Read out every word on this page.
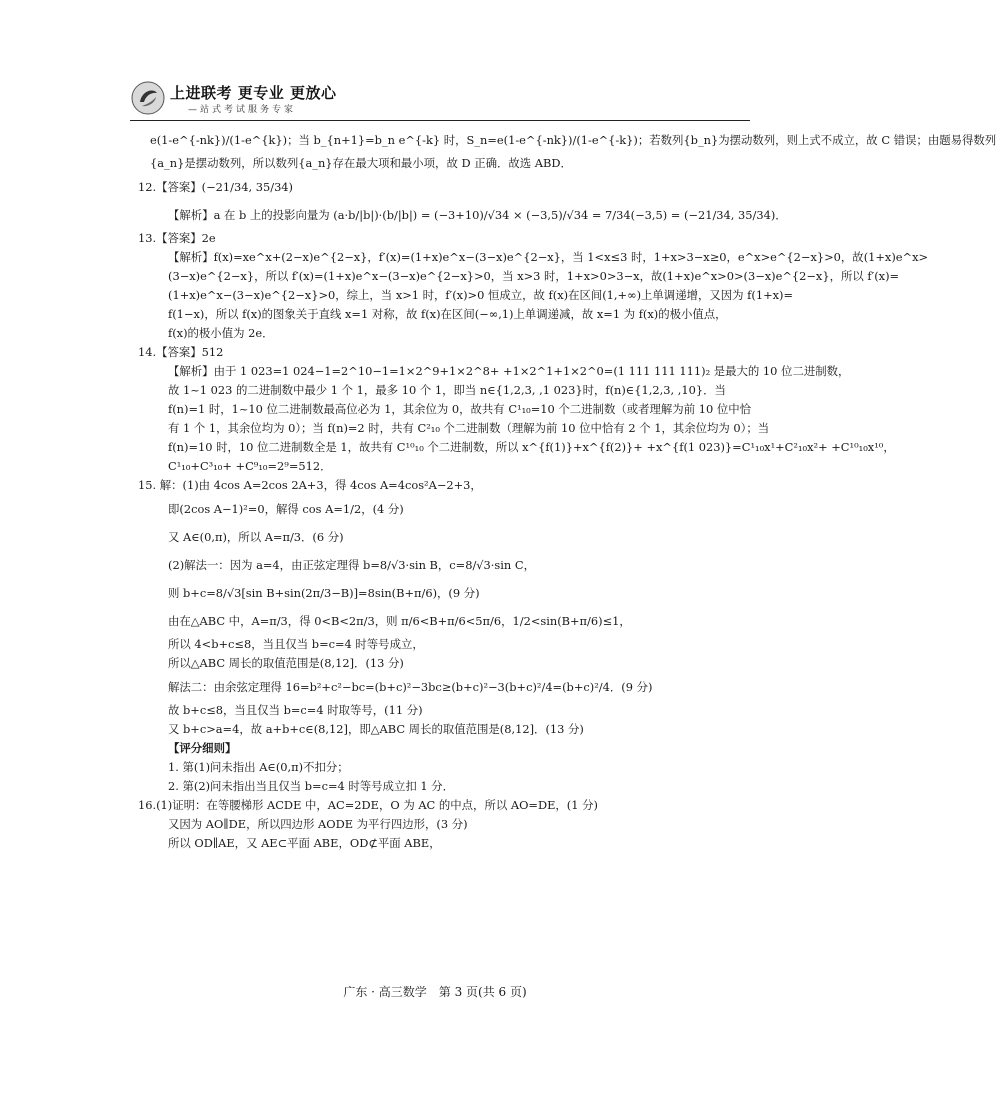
上进联考 更专业 更放心
—站式考试服务专家
e(1-e^{-nk})/(1-e^{k})；当 b_{n+1}=b_n e^{-k} 时，S_n=e(1-e^{-nk})/(1-e^{-k})；若数列{b_n}为摆动数列，则上式不成立，故 C 错误；由题易得数列
{a_n}是摆动数列，所以数列{a_n}存在最大项和最小项，故 D 正确．故选 ABD．
12.【答案】(−21/34, 35/34)
【解析】a 在 b 上的投影向量为 (a·b/|b|)·(b/|b|) = (−3+10)/√34 × (−3,5)/√34 = 7/34(−3,5) = (−21/34, 35/34)．
13.【答案】2e
【解析】f(x)=xe^x+(2−x)e^{2−x}，f′(x)=(1+x)e^x−(3−x)e^{2−x}，当 1<x≤3 时，1+x>3−x≥0，e^x>e^{2−x}>0，故(1+x)e^x>
(3−x)e^{2−x}，所以 f′(x)=(1+x)e^x−(3−x)e^{2−x}>0，当 x>3 时，1+x>0>3−x，故(1+x)e^x>0>(3−x)e^{2−x}，所以 f′(x)=
(1+x)e^x−(3−x)e^{2−x}>0，综上，当 x>1 时，f′(x)>0 恒成立，故 f(x)在区间(1,+∞)上单调递增，又因为 f(1+x)=
f(1−x)，所以 f(x)的图象关于直线 x=1 对称，故 f(x)在区间(−∞,1)上单调递减，故 x=1 为 f(x)的极小值点，
f(x)的极小值为 2e．
14.【答案】512
【解析】由于 1 023=1 024−1=2^10−1=1×2^9+1×2^8+ +1×2^1+1×2^0=(1 111 111 111)₂ 是最大的 10 位二进制数，
故 1~1 023 的二进制数中最少 1 个 1，最多 10 个 1，即当 n∈{1,2,3, ,1 023}时，f(n)∈{1,2,3, ,10}．当
f(n)=1 时，1~10 位二进制数最高位必为 1，其余位为 0，故共有 C¹₁₀=10 个二进制数（或者理解为前 10 位中恰
有 1 个 1，其余位均为 0）；当 f(n)=2 时，共有 C²₁₀ 个二进制数（理解为前 10 位中恰有 2 个 1，其余位均为 0）；当
f(n)=10 时，10 位二进制数全是 1，故共有 C¹⁰₁₀ 个二进制数，所以 x^{f(1)}+x^{f(2)}+ +x^{f(1 023)}=C¹₁₀x¹+C²₁₀x²+ +C¹⁰₁₀x¹⁰，
C¹₁₀+C³₁₀+ +C⁹₁₀=2⁹=512．
15. 解：(1)由 4cos A=2cos 2A+3，得 4cos A=4cos²A−2+3，
即(2cos A−1)²=0，解得 cos A=1/2，(4 分)
又 A∈(0,π)，所以 A=π/3．(6 分)
(2)解法一：因为 a=4，由正弦定理得 b=8/√3·sin B，c=8/√3·sin C，
则 b+c=8/√3[sin B+sin(2π/3−B)]=8sin(B+π/6)，(9 分)
由在△ABC 中，A=π/3，得 0<B<2π/3，则 π/6<B+π/6<5π/6，1/2<sin(B+π/6)≤1，
所以 4<b+c≤8，当且仅当 b=c=4 时等号成立，
所以△ABC 周长的取值范围是(8,12]．(13 分)
解法二：由余弦定理得 16=b²+c²−bc=(b+c)²−3bc≥(b+c)²−3(b+c)²/4=(b+c)²/4．(9 分)
故 b+c≤8，当且仅当 b=c=4 时取等号，(11 分)
又 b+c>a=4，故 a+b+c∈(8,12]，即△ABC 周长的取值范围是(8,12]．(13 分)
【评分细则】
1. 第(1)问未指出 A∈(0,π)不扣分；
2. 第(2)问未指出当且仅当 b=c=4 时等号成立扣 1 分．
16.(1)证明：在等腰梯形 ACDE 中，AC=2DE，O 为 AC 的中点，所以 AO=DE，(1 分)
又因为 AO∥DE，所以四边形 AODE 为平行四边形，(3 分)
所以 OD∥AE，又 AE⊂平面 ABE，OD⊄平面 ABE，
广东 · 高三数学　第 3 页(共 6 页)
